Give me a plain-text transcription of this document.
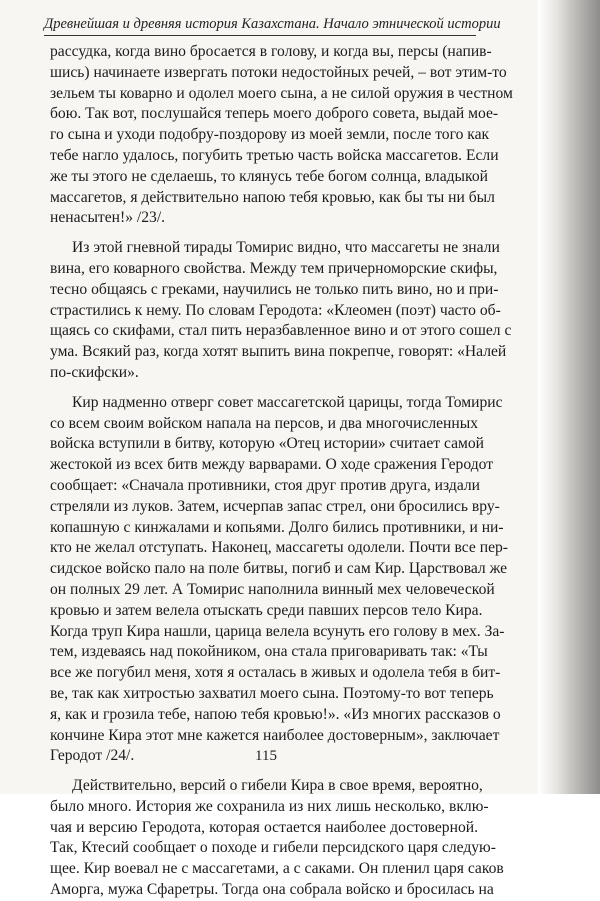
Древнейшая и древняя история Казахстана. Начало этнической истории
рассудка, когда вино бросается в голову, и когда вы, персы (напив-
шись) начинаете извергать потоки недостойных речей, – вот этим-то
зельем ты коварно и одолел моего сына, а не силой оружия в честном
бою. Так вот, послушайся теперь моего доброго совета, выдай мое-
го сына и уходи подобру-поздорову из моей земли, после того как
тебе нагло удалось, погубить третью часть войска массагетов. Если
же ты этого не сделаешь, то клянусь тебе богом солнца, владыкой
массагетов, я действительно напою тебя кровью, как бы ты ни был
ненасытен!» /23/.
Из этой гневной тирады Томирис видно, что массагеты не знали
вина, его коварного свойства. Между тем причерноморские скифы,
тесно общаясь с греками, научились не только пить вино, но и при-
страстились к нему. По словам Геродота: «Клеомен (поэт) часто об-
щаясь со скифами, стал пить неразбавленное вино и от этого сошел с
ума. Всякий раз, когда хотят выпить вина покрепче, говорят: «Налей
по-скифски».
Кир надменно отверг совет массагетской царицы, тогда Томирис
со всем своим войском напала на персов, и два многочисленных
войска вступили в битву, которую «Отец истории» считает самой
жестокой из всех битв между варварами. О ходе сражения Геродот
сообщает: «Сначала противники, стоя друг против друга, издали
стреляли из луков. Затем, исчерпав запас стрел, они бросились вру-
копашную с кинжалами и копьями. Долго бились противники, и ни-
кто не желал отступать. Наконец, массагеты одолели. Почти все пер-
сидское войско пало на поле битвы, погиб и сам Кир. Царствовал же
он полных 29 лет. А Томирис наполнила винный мех человеческой
кровью и затем велела отыскать среди павших персов тело Кира.
Когда труп Кира нашли, царица велела всунуть его голову в мех. За-
тем, издеваясь над покойником, она стала приговаривать так: «Ты
все же погубил меня, хотя я осталась в живых и одолела тебя в бит-
ве, так как хитростью захватил моего сына. Поэтому-то вот теперь
я, как и грозила тебе, напою тебя кровью!». «Из многих рассказов о
кончине Кира этот мне кажется наиболее достоверным», заключает
Геродот /24/.
Действительно, версий о гибели Кира в свое время, вероятно,
было много. История же сохранила из них лишь несколько, вклю-
чая и версию Геродота, которая остается наиболее достоверной.
Так, Ктесий сообщает о походе и гибели персидского царя следую-
щее. Кир воевал не с массагетами, а с саками. Он пленил царя саков
Аморга, мужа Сфаретры. Тогда она собрала войско и бросилась на
115
